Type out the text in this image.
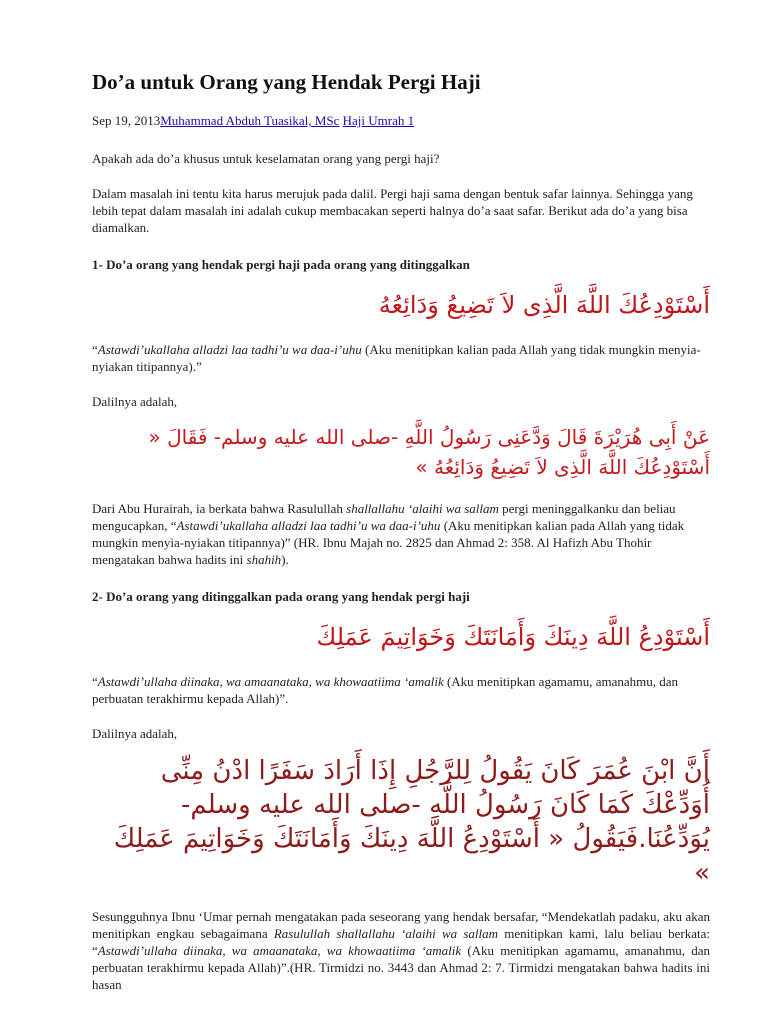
Do’a untuk Orang yang Hendak Pergi Haji
Sep 19, 2013Muhammad Abduh Tuasikal, MSc Haji Umrah 1

Apakah ada do’a khusus untuk keselamatan orang yang pergi haji?

Dalam masalah ini tentu kita harus merujuk pada dalil. Pergi haji sama dengan bentuk safar lainnya. Sehingga yang lebih tepat dalam masalah ini adalah cukup membacakan seperti halnya do’a saat safar. Berikut ada do’a yang bisa diamalkan.

1- Do’a orang yang hendak pergi haji pada orang yang ditinggalkan

أَسْتَوْدِعُكَ اللَّهَ الَّذِى لاَ تَضِيعُ وَدَائِعُهُ

“Astawdi’ukallaha alladzi laa tadhi’u wa daa-i’uhu (Aku menitipkan kalian pada Allah yang tidak mungkin menyia-nyiakan titipannya).”

Dalilnya adalah,

عَنْ أَبِى هُرَيْرَةَ قَالَ وَدَّعَنِى رَسُولُ اللَّهِ -صلى الله عليه وسلم- فَقَالَ « أَسْتَوْدِعُكَ اللَّهَ الَّذِى لاَ تَضِيعُ وَدَائِعُهُ »

Dari Abu Hurairah, ia berkata bahwa Rasulullah shallallahu ‘alaihi wa sallam pergi meninggalkanku dan beliau mengucapkan, “Astawdi’ukallaha alladzi laa tadhi’u wa daa-i’uhu (Aku menitipkan kalian pada Allah yang tidak mungkin menyia-nyiakan titipannya)” (HR. Ibnu Majah no. 2825 dan Ahmad 2: 358. Al Hafizh Abu Thohir mengatakan bahwa hadits ini shahih).

2- Do’a orang yang ditinggalkan pada orang yang hendak pergi haji

أَسْتَوْدِعُ اللَّهَ دِينَكَ وَأَمَانَتَكَ وَخَوَاتِيمَ عَمَلِكَ

“Astawdi’ullaha diinaka, wa amaanataka, wa khowaatiima ‘amalik (Aku menitipkan agamamu, amanahmu, dan perbuatan terakhirmu kepada Allah)”.

Dalilnya adalah,

أَنَّ ابْنَ عُمَرَ كَانَ يَقُولُ لِلرَّجُلِ إِذَا أَرَادَ سَفَرًا ادْنُ مِنِّى أُوَدِّعْكَ كَمَا كَانَ رَسُولُ اللَّهِ -صلى الله عليه وسلم- يُوَدِّعُنَا.فَيَقُولُ « أَسْتَوْدِعُ اللَّهَ دِينَكَ وَأَمَانَتَكَ وَخَوَاتِيمَ عَمَلِكَ »

Sesungguhnya Ibnu ‘Umar pernah mengatakan pada seseorang yang hendak bersafar, “Mendekatlah padaku, aku akan menitipkan engkau sebagaimana Rasulullah shallallahu ‘alaihi wa sallam menitipkan kami, lalu beliau berkata: “Astawdi’ullaha diinaka, wa amaanataka, wa khowaatiima ‘amalik (Aku menitipkan agamamu, amanahmu, dan perbuatan terakhirmu kepada Allah)”.(HR. Tirmidzi no. 3443 dan Ahmad 2: 7. Tirmidzi mengatakan bahwa hadits ini hasan
